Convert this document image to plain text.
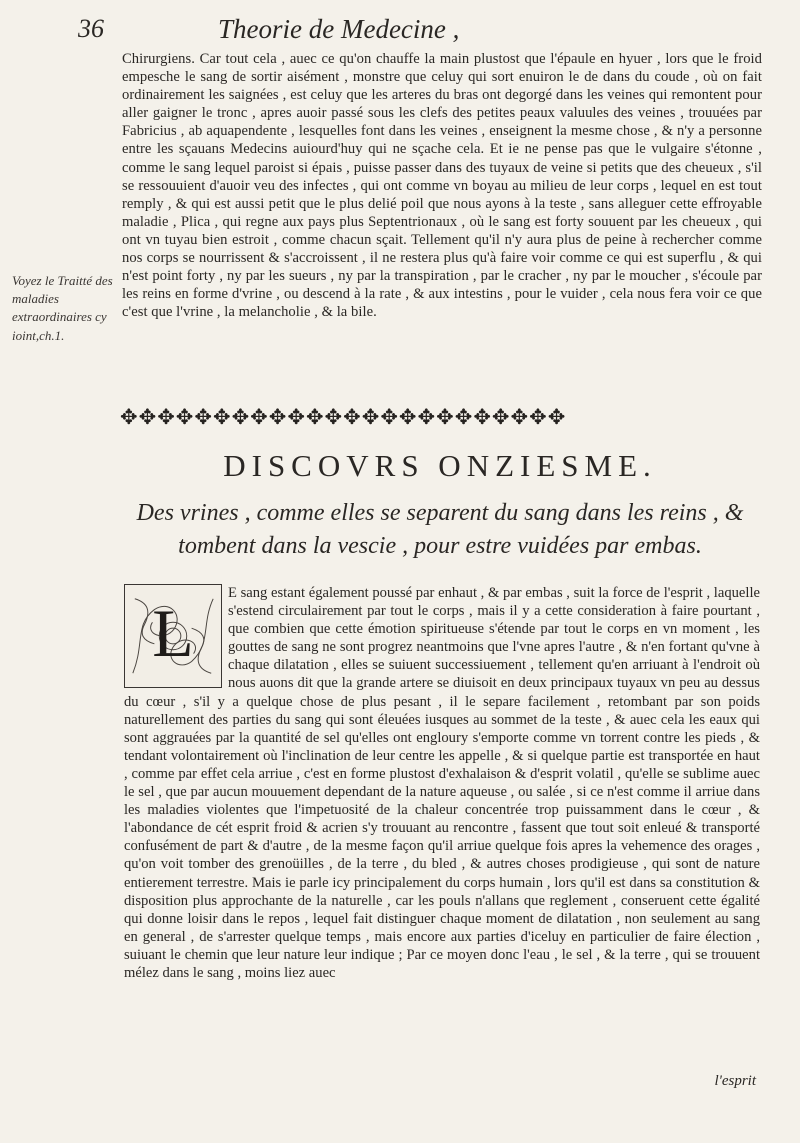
36	Theorie de Medecine ,
Voyez le Traitté des maladies extraordinaires cy ioint,ch.1.

Chirurgiens. Car tout cela , auec ce qu'on chauffe la main plustost que l'épaule en hyuer , lors que le froid empesche le sang de sortir aisément , monstre que celuy qui sort enuiron le de dans du coude , où on fait ordinairement les saignées , est celuy que les arteres du bras ont degorgé dans les veines qui remontent pour aller gaigner le tronc , apres auoir passé sous les clefs des petites peaux valuules des veines , trouuées par Fabricius , ab aquapendente , lesquelles font dans les veines , enseignent la mesme chose , & n'y a personne entre les sçauans Medecins auiourd'huy qui ne sçache cela. Et ie ne pense pas que le vulgaire s'étonne , comme le sang lequel paroist si épais , puisse passer dans des tuyaux de veine si petits que des cheueux , s'il se ressouuient d'auoir veu des infectes , qui ont comme vn boyau au milieu de leur corps , lequel en est tout remply , & qui est aussi petit que le plus delié poil que nous ayons à la teste , sans alleguer cette effroyable maladie , Plica , qui regne aux pays plus Septentrionaux , où le sang est forty souuent par les cheueux , qui ont vn tuyau bien estroit , comme chacun sçait. Tellement qu'il n'y aura plus de peine à rechercher comme nos corps se nourrissent & s'accroissent , il ne restera plus qu'à faire voir comme ce qui est superflu , & qui n'est point forty , ny par les sueurs , ny par la transpiration , par le cracher , ny par le moucher , s'écoule par les reins en forme d'vrine , ou descend à la rate , & aux intestins , pour le vuider , cela nous fera voir ce que c'est que l'vrine , la melancholie , & la bile.

✥✥✥✥✥✥✥✥✥✥✥✥✥✥✥✥✥✥✥✥✥✥✥✥
DISCOVRS ONZIESME.
Des vrines , comme elles se separent du sang dans les reins , & tombent dans la vescie , pour estre vuidées par embas.
E sang estant également poussé par enhaut , & par embas , suit la force de l'esprit , laquelle s'estend circulairement par tout le corps , mais il y a cette consideration à faire pourtant , que combien que cette émotion spiritueuse s'étende par tout le corps en vn moment , les gouttes de sang ne sont progrez neantmoins que l'vne apres l'autre , & n'en fortant qu'vne à chaque dilatation , elles se suiuent successiuement , tellement qu'en arriuant à l'endroit où nous auons dit que la grande artere se diuisoit en deux principaux tuyaux vn peu au dessus du cœur , s'il y a quelque chose de plus pesant , il le separe facilement , retombant par son poids naturellement des parties du sang qui sont éleuées iusques au sommet de la teste , & auec cela les eaux qui sont aggrauées par la quantité de sel qu'elles ont engloury s'emporte comme vn torrent contre les pieds , & tendant volontairement où l'inclination de leur centre les appelle , & si quelque partie est transportée en haut , comme par effet cela arriue , c'est en forme plustost d'exhalaison & d'esprit volatil , qu'elle se sublime auec le sel , que par aucun mouuement dependant de la nature aqueuse , ou salée , si ce n'est comme il arriue dans les maladies violentes que l'impetuosité de la chaleur concentrée trop puissamment dans le cœur , & l'abondance de cét esprit froid & acrien s'y trouuant au rencontre , fassent que tout soit enleué & transporté confusément de part & d'autre , de la mesme façon qu'il arriue quelque fois apres la vehemence des orages , qu'on voit tomber des grenoüilles , de la terre , du bled , & autres choses prodigieuse , qui sont de nature entierement terrestre. Mais ie parle icy principalement du corps humain , lors qu'il est dans sa constitution & disposition plus approchante de la naturelle , car les pouls n'allans que reglement , conseruent cette égalité qui donne loisir dans le repos , lequel fait distinguer chaque moment de dilatation , non seulement au sang en general , de s'arrester quelque temps , mais encore aux parties d'iceluy en particulier de faire élection , suiuant le chemin que leur nature leur indique ; Par ce moyen donc l'eau , le sel , & la terre , qui se trouuent mélez dans le sang , moins liez auec
L
l'esprit
